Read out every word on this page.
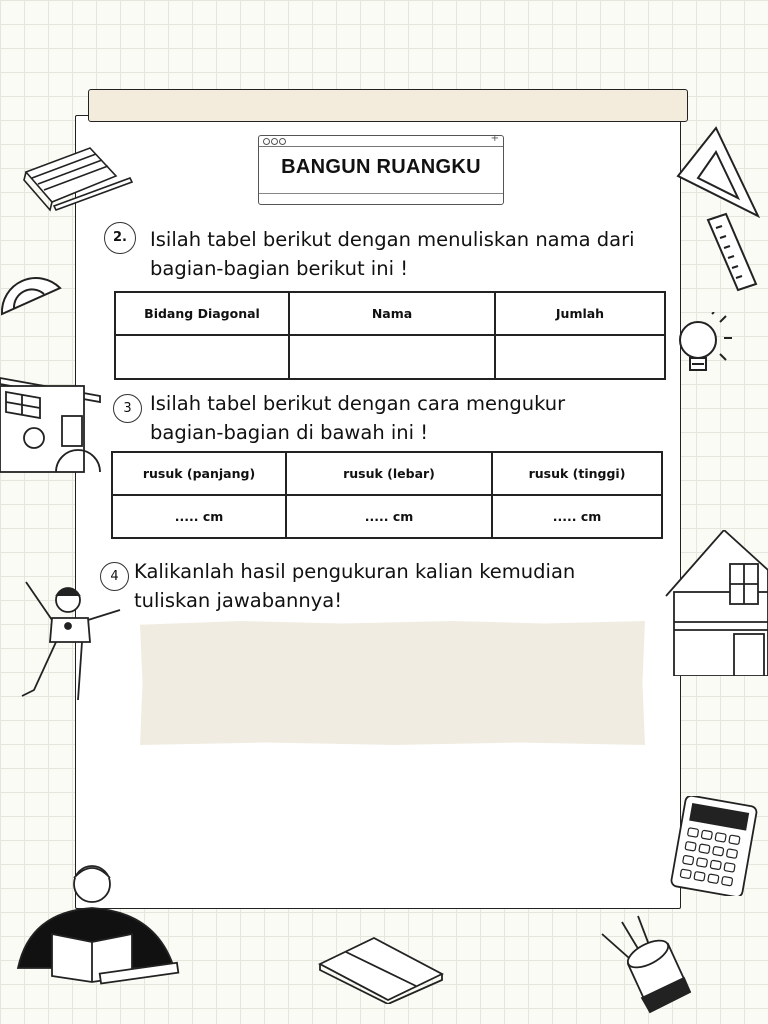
+
BANGUN RUANGKU
2.	Isilah tabel berikut dengan menuliskan nama dari
bagian-bagian berikut ini !
Bidang Diagonal	Nama	Jumlah

3 Isilah tabel berikut dengan cara mengukur
bagian-bagian di bawah ini !
rusuk (panjang)	rusuk (lebar)	rusuk (tinggi)
..... cm	..... cm	..... cm
4 Kalikanlah hasil pengukuran kalian kemudian
tuliskan jawabannya!
